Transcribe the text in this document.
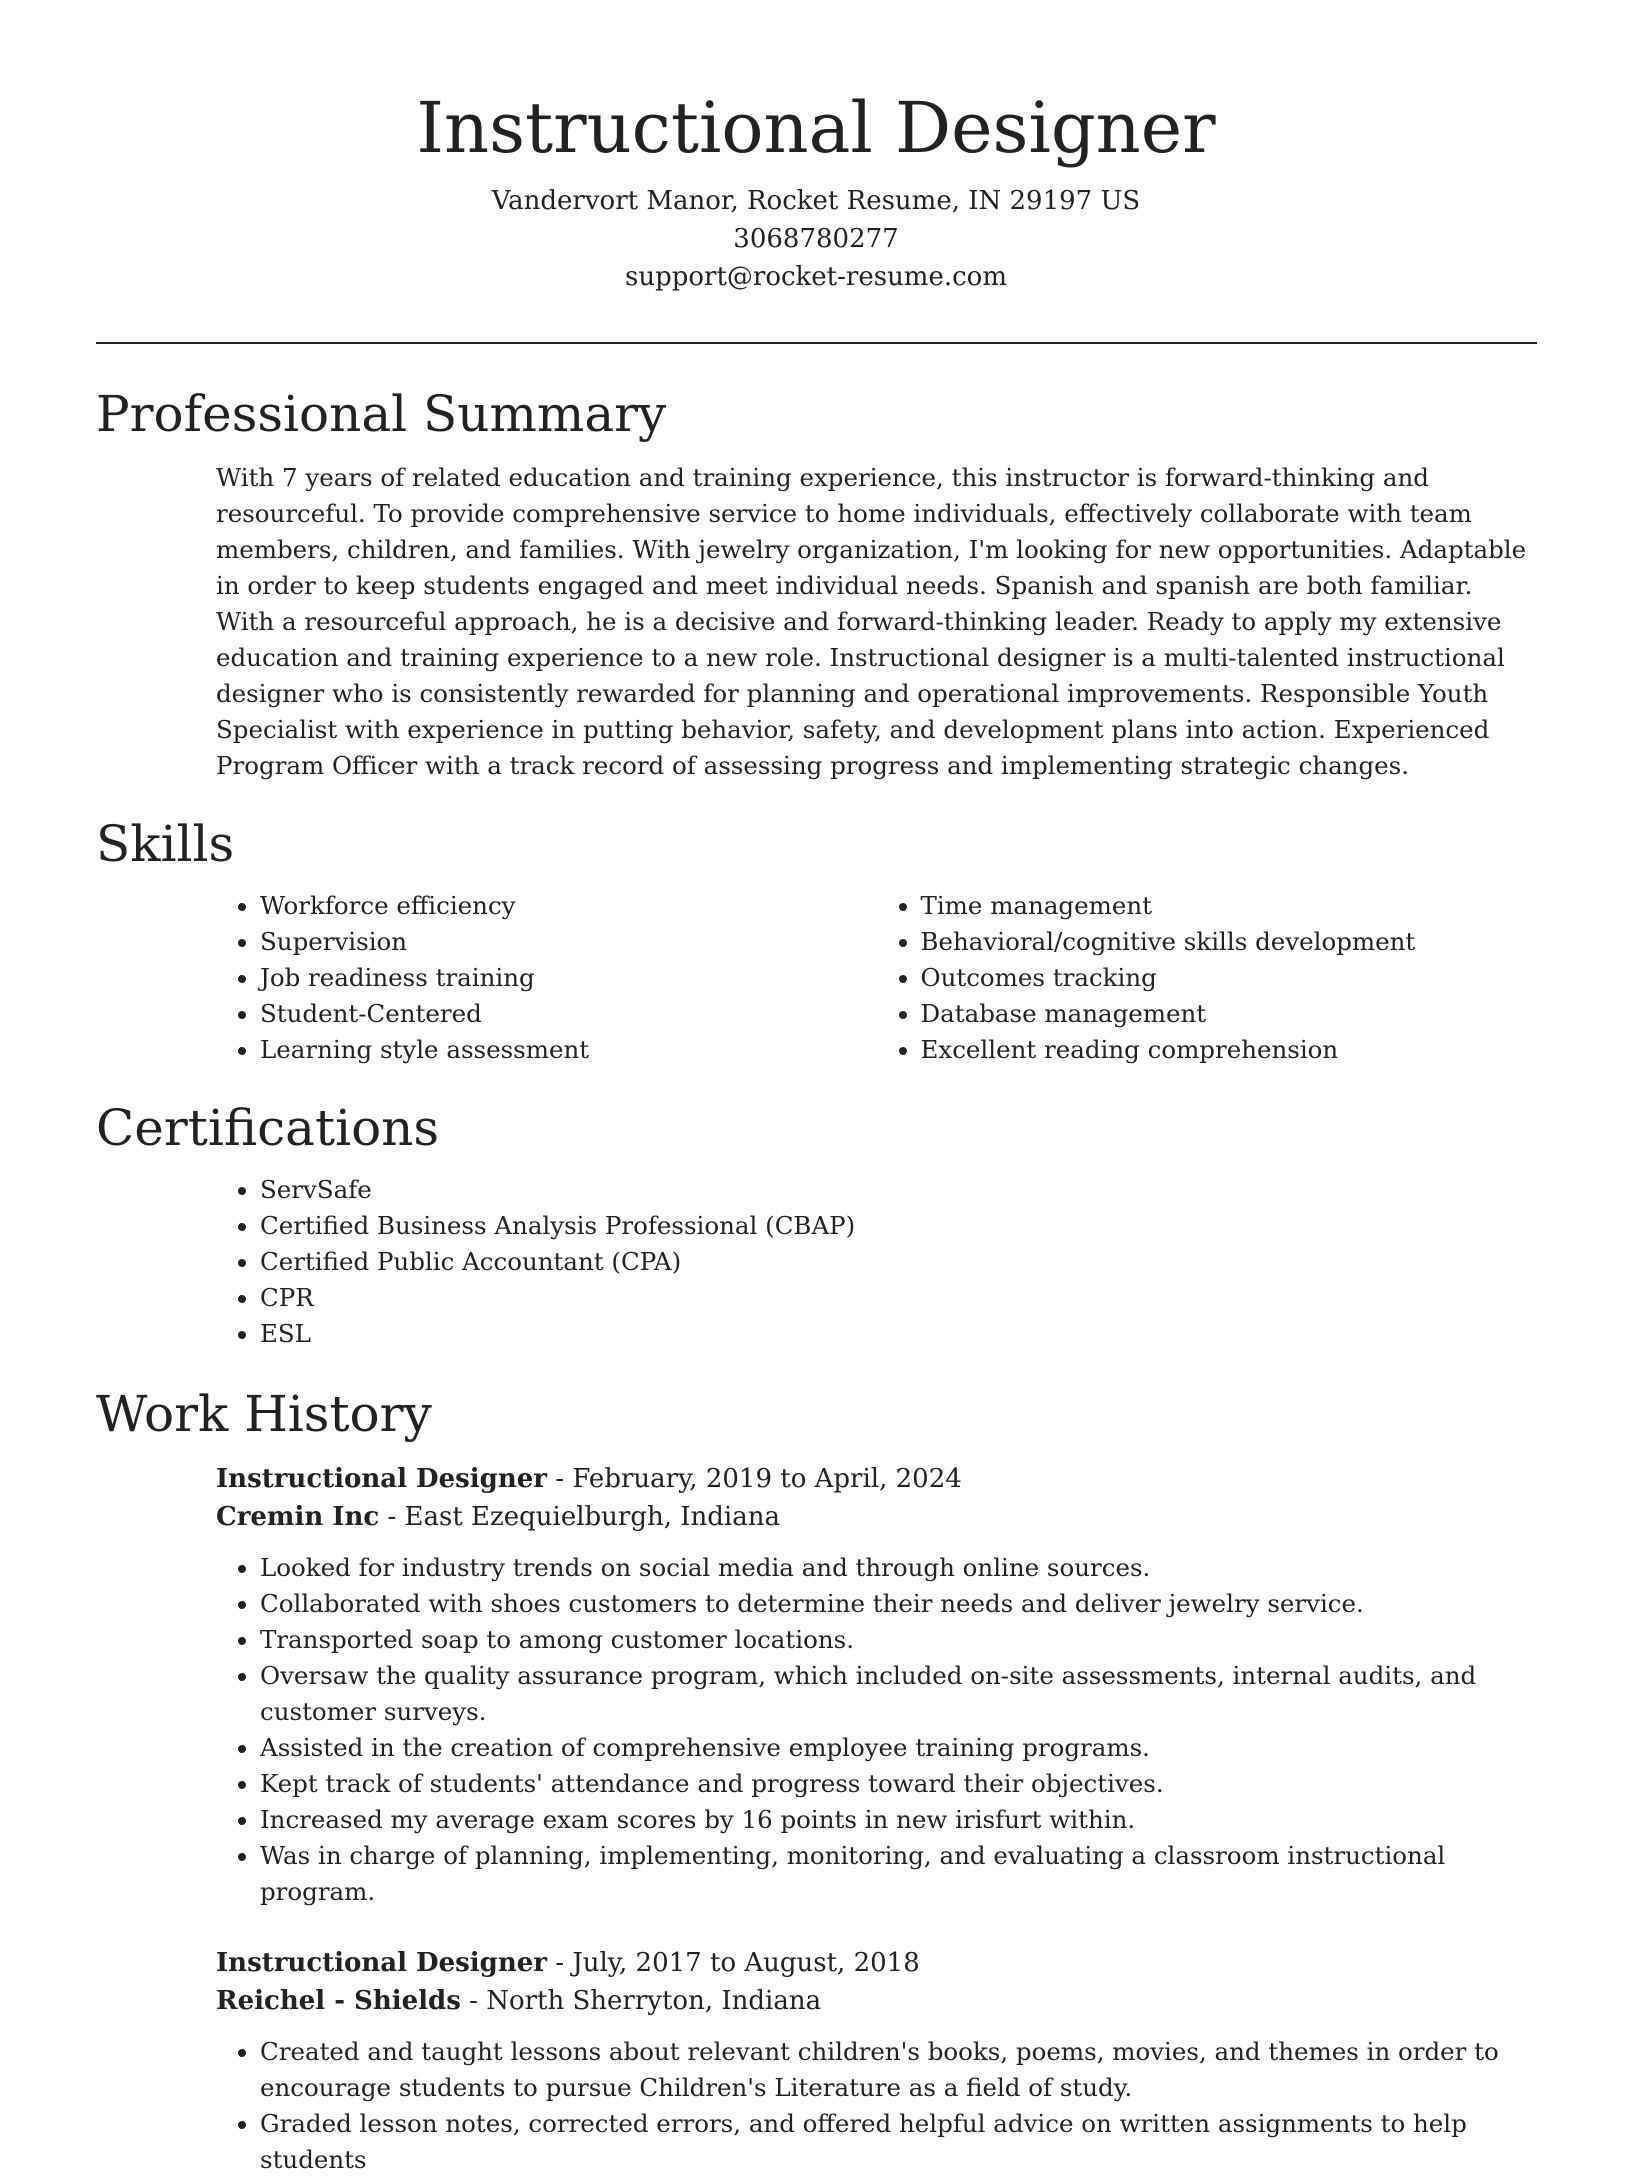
Instructional Designer
Vandervort Manor, Rocket Resume, IN 29197 US
3068780277
support@rocket-resume.com
Professional Summary

With 7 years of related education and training experience, this instructor is forward-thinking and resourceful. To provide comprehensive service to home individuals, effectively collaborate with team members, children, and families. With jewelry organization, I'm looking for new opportunities. Adaptable in order to keep students engaged and meet individual needs. Spanish and spanish are both familiar. With a resourceful approach, he is a decisive and forward-thinking leader. Ready to apply my extensive education and training experience to a new role. Instructional designer is a multi-talented instructional designer who is consistently rewarded for planning and operational improvements. Responsible Youth Specialist with experience in putting behavior, safety, and development plans into action. Experienced Program Officer with a track record of assessing progress and implementing strategic changes.

Skills
• Workforce efficiency
• Supervision
• Job readiness training
• Student-Centered
• Learning style assessment
• Time management
• Behavioral/cognitive skills development
• Outcomes tracking
• Database management
• Excellent reading comprehension
Certifications
• ServSafe
• Certified Business Analysis Professional (CBAP)
• Certified Public Accountant (CPA)
• CPR
• ESL
Work History
Instructional Designer - February, 2019 to April, 2024
Cremin Inc - East Ezequielburgh, Indiana
• Looked for industry trends on social media and through online sources.
• Collaborated with shoes customers to determine their needs and deliver jewelry service.
• Transported soap to among customer locations.
• Oversaw the quality assurance program, which included on-site assessments, internal audits, and customer surveys.
• Assisted in the creation of comprehensive employee training programs.
• Kept track of students' attendance and progress toward their objectives.
• Increased my average exam scores by 16 points in new irisfurt within.
• Was in charge of planning, implementing, monitoring, and evaluating a classroom instructional program.
Instructional Designer - July, 2017 to August, 2018
Reichel - Shields - North Sherryton, Indiana
• Created and taught lessons about relevant children's books, poems, movies, and themes in order to encourage students to pursue Children's Literature as a field of study.
• Graded lesson notes, corrected errors, and offered helpful advice on written assignments to help students
